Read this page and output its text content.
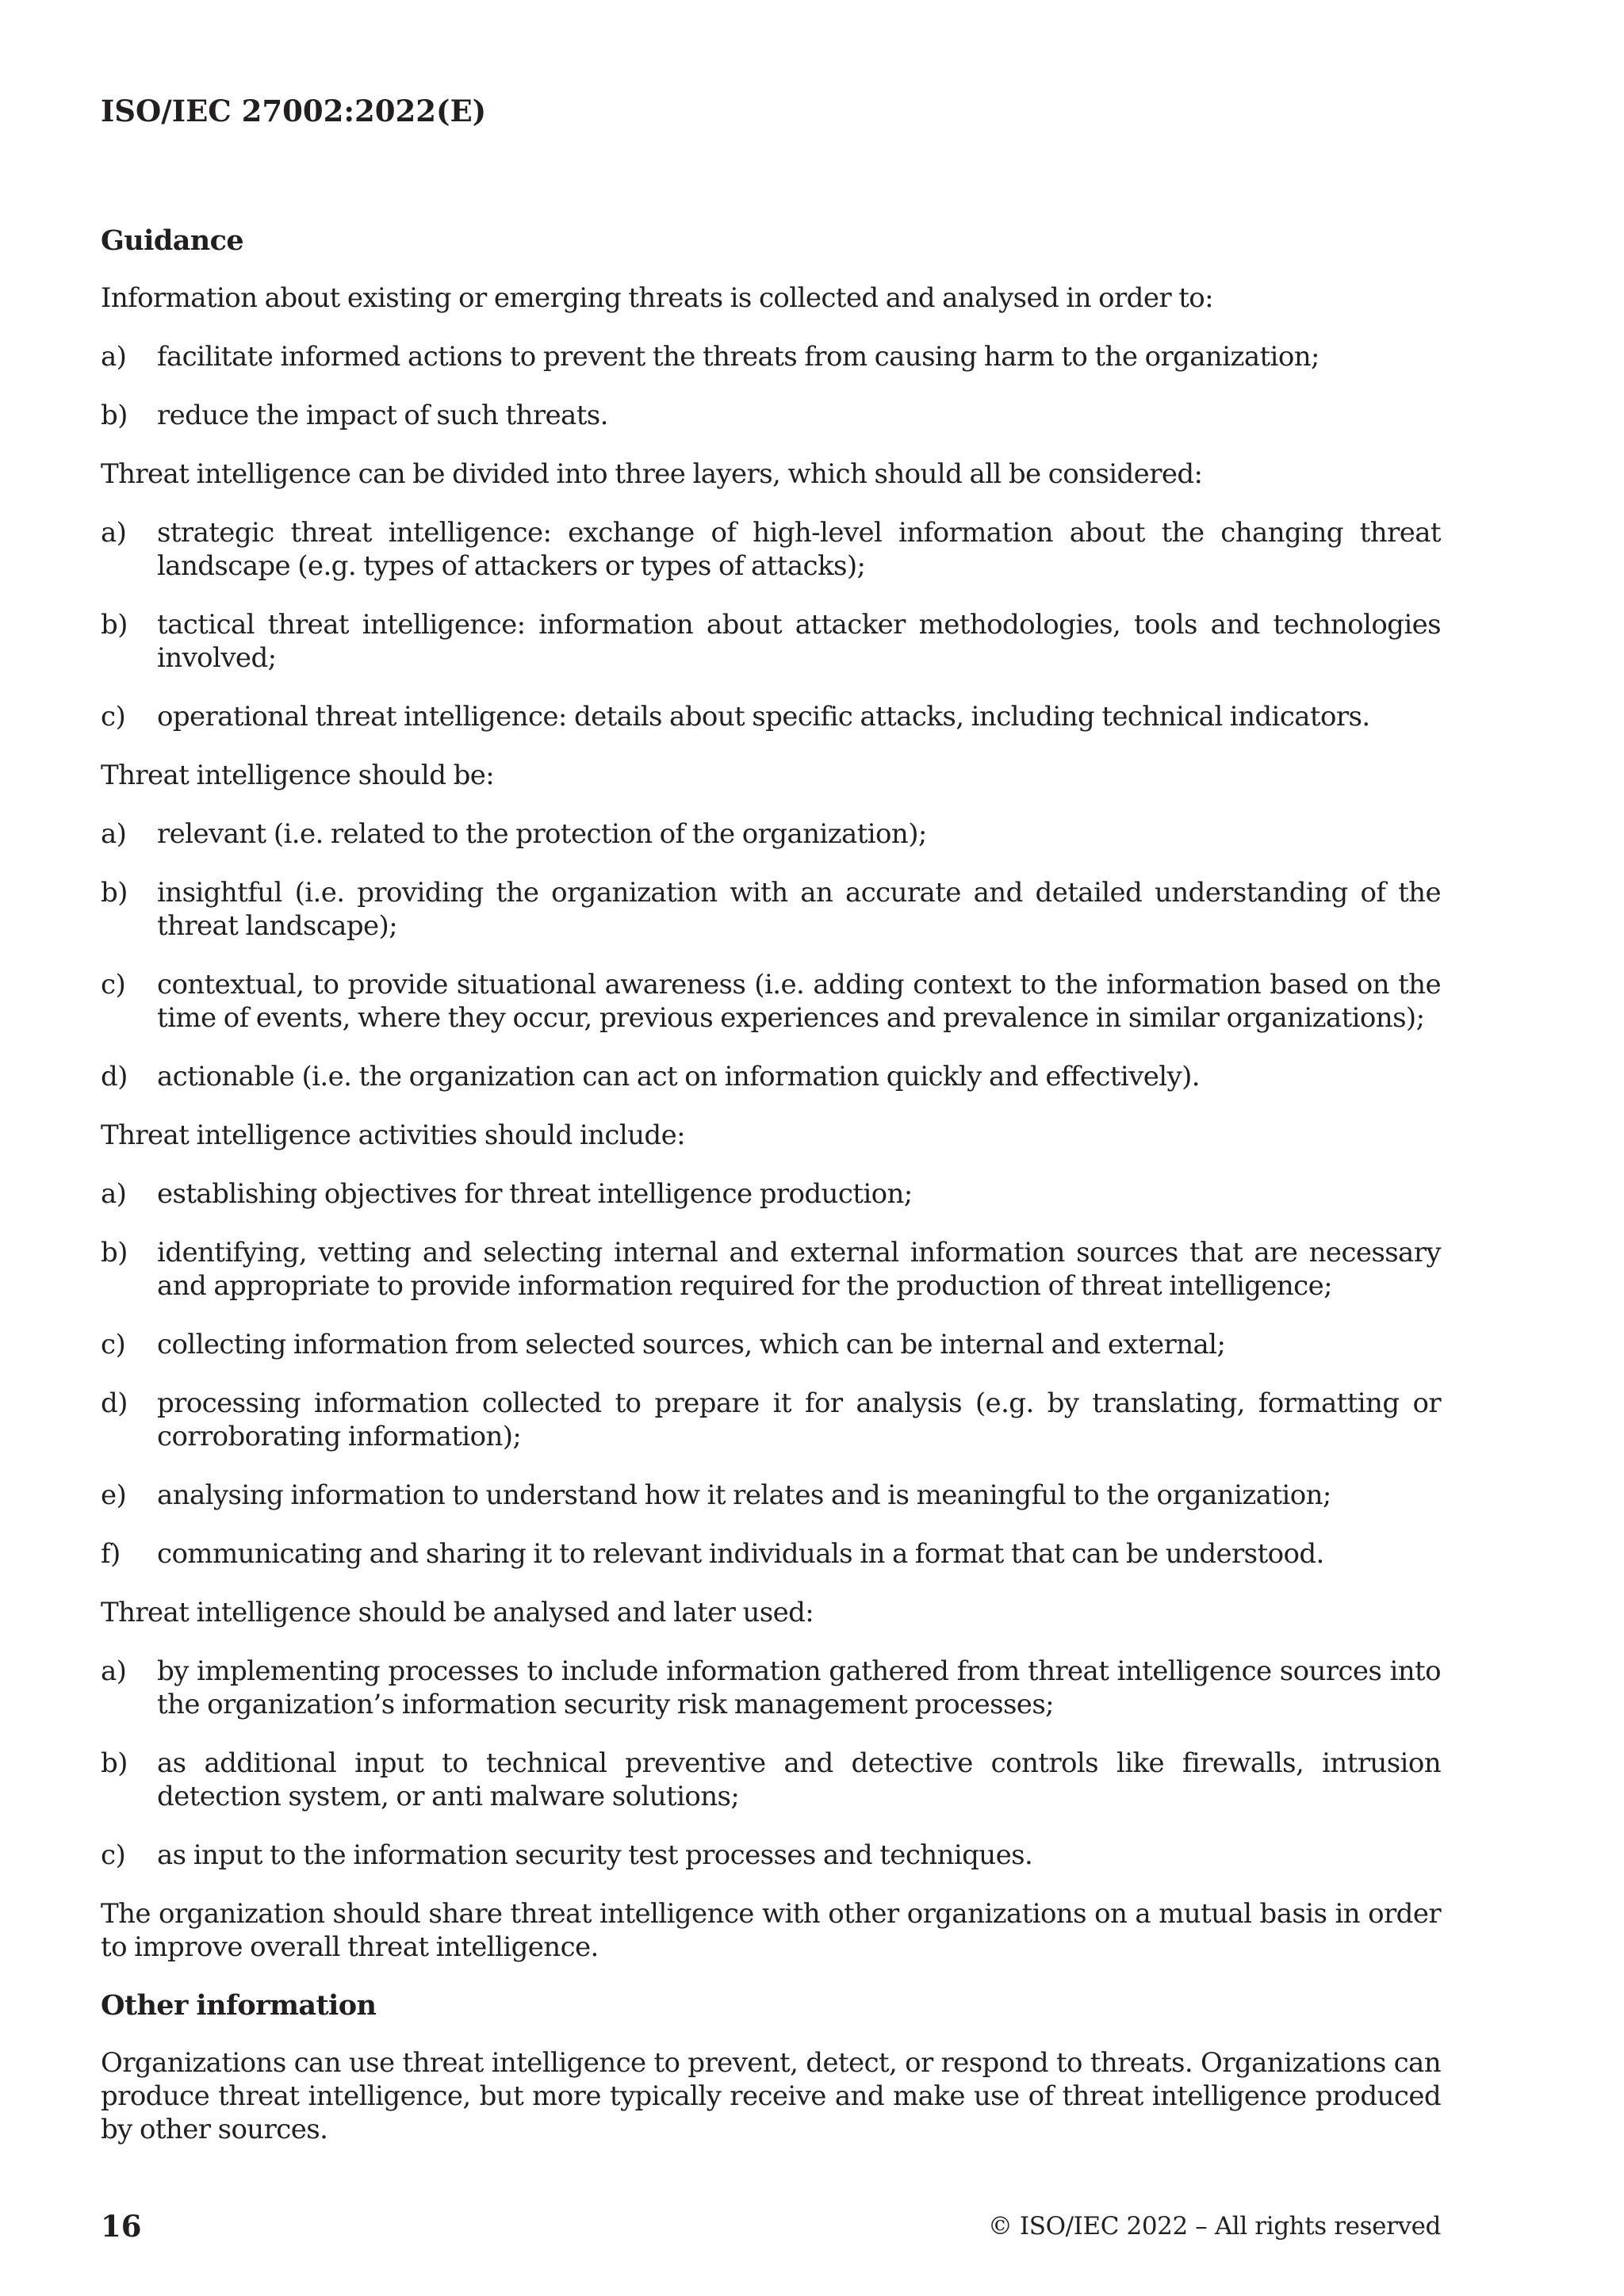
ISO/IEC 27002:2022(E)
Guidance
Information about existing or emerging threats is collected and analysed in order to:
a)	facilitate informed actions to prevent the threats from causing harm to the organization;
b)	reduce the impact of such threats.
Threat intelligence can be divided into three layers, which should all be considered:
a)	strategic threat intelligence: exchange of high-level information about the changing threat landscape (e.g. types of attackers or types of attacks);
b)	tactical threat intelligence: information about attacker methodologies, tools and technologies involved;
c)	operational threat intelligence: details about specific attacks, including technical indicators.
Threat intelligence should be:
a)	relevant (i.e. related to the protection of the organization);
b)	insightful (i.e. providing the organization with an accurate and detailed understanding of the threat landscape);
c)	contextual, to provide situational awareness (i.e. adding context to the information based on the time of events, where they occur, previous experiences and prevalence in similar organizations);
d)	actionable (i.e. the organization can act on information quickly and effectively).
Threat intelligence activities should include:
a)	establishing objectives for threat intelligence production;
b)	identifying, vetting and selecting internal and external information sources that are necessary and appropriate to provide information required for the production of threat intelligence;
c)	collecting information from selected sources, which can be internal and external;
d)	processing information collected to prepare it for analysis (e.g. by translating, formatting or corroborating information);
e)	analysing information to understand how it relates and is meaningful to the organization;
f)	communicating and sharing it to relevant individuals in a format that can be understood.
Threat intelligence should be analysed and later used:
a)	by implementing processes to include information gathered from threat intelligence sources into the organization’s information security risk management processes;
b)	as additional input to technical preventive and detective controls like firewalls, intrusion detection system, or anti malware solutions;
c)	as input to the information security test processes and techniques.
The organization should share threat intelligence with other organizations on a mutual basis in order to improve overall threat intelligence.
Other information
Organizations can use threat intelligence to prevent, detect, or respond to threats. Organizations can produce threat intelligence, but more typically receive and make use of threat intelligence produced by other sources.
16	© ISO/IEC 2022 – All rights reserved
